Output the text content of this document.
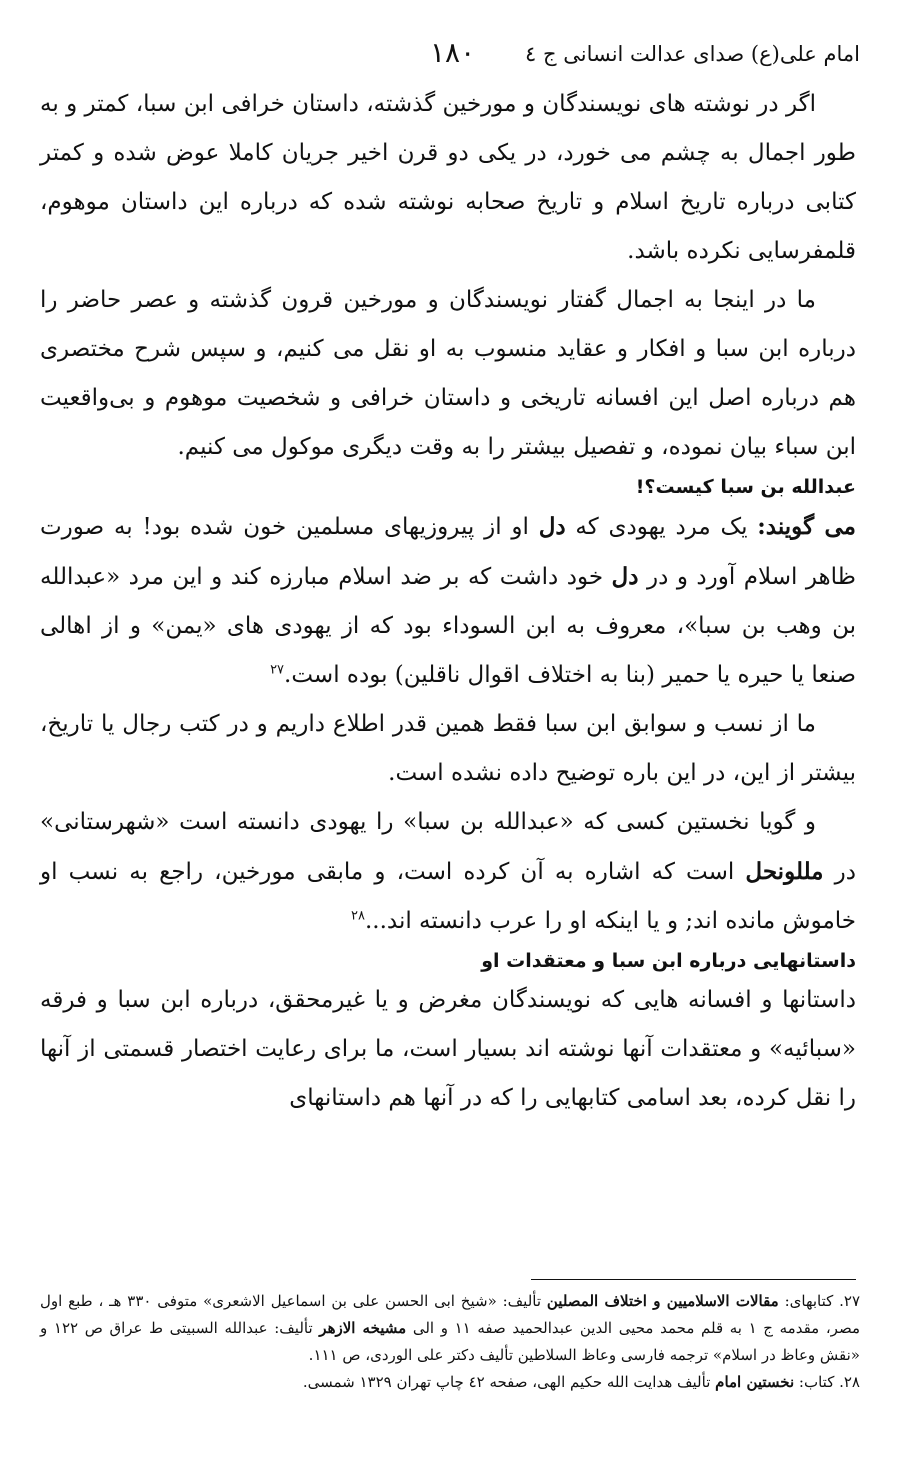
امام علی(ع) صدای عدالت انسانی ج ٤
١٨٠

اگر در نوشته های نویسندگان و مورخین گذشته، داستان خرافی ابن سبا، کمتر و به طور اجمال به چشم می خورد، در یکی دو قرن اخیر جریان کاملا عوض شده و کمتر کتابی درباره تاریخ اسلام و تاریخ صحابه نوشته شده که درباره این داستان موهوم، قلمفرسایی نکرده باشد.

ما در اینجا به اجمال گفتار نویسندگان و مورخین قرون گذشته و عصر حاضر را درباره ابن سبا و افکار و عقاید منسوب به او نقل می کنیم، و سپس شرح مختصری هم درباره اصل این افسانه تاریخی و داستان خرافی و شخصیت موهوم و بی‌واقعیت ابن سباء بیان نموده، و تفصیل بیشتر را به وقت دیگری موکول می کنیم.

عبدالله بن سبا کیست؟!

می گویند: یک مرد یهودی که دل او از پیروزیهای مسلمین خون شده بود! به صورت ظاهر اسلام آورد و در دل خود داشت که بر ضد اسلام مبارزه کند و این مرد «عبدالله بن وهب بن سبا»، معروف به ابن السوداء بود که از یهودی های «یمن» و از اهالی صنعا یا حیره یا حمیر (بنا به اختلاف اقوال ناقلین) بوده است.$^{٢٧}$

ما از نسب و سوابق ابن سبا فقط همین قدر اطلاع داریم و در کتب رجال یا تاریخ، بیشتر از این، در این باره توضیح داده نشده است.

و گویا نخستین کسی که «عبدالله بن سبا» را یهودی دانسته است «شهرستانی» در مللونحل است که اشاره به آن کرده است، و مابقی مورخین، راجع به نسب او خاموش مانده اند; و یا اینکه او را عرب دانسته اند...$^{٢٨}$

داستانهایی درباره ابن سبا و معتقدات او

داستانها و افسانه هایی که نویسندگان مغرض و یا غیرمحقق، درباره ابن سبا و فرقه «سبائیه» و معتقدات آنها نوشته اند بسیار است، ما برای رعایت اختصار قسمتی از آنها را نقل کرده، بعد اسامی کتابهایی را که در آنها هم داستانهای

٢٧. کتابهای: مقالات الاسلامیین و اختلاف المصلین تألیف: «شیخ ابی الحسن علی بن اسماعیل الاشعری» متوفی ٣٣٠ هـ ، طبع اول مصر، مقدمه ج ١ به قلم محمد محیی الدین عبدالحمید صفه ١١ و الی مشیخه الازهر تألیف: عبدالله السبیتی ط عراق ص ١٢٢ و «نقش وعاظ در اسلام» ترجمه فارسی وعاظ السلاطین تألیف دکتر علی الوردی، ص ١١١.

٢٨. کتاب: نخستین امام تألیف هدایت الله حکیم الهی، صفحه ٤٢ چاپ تهران ١٣٢٩ شمسی.
